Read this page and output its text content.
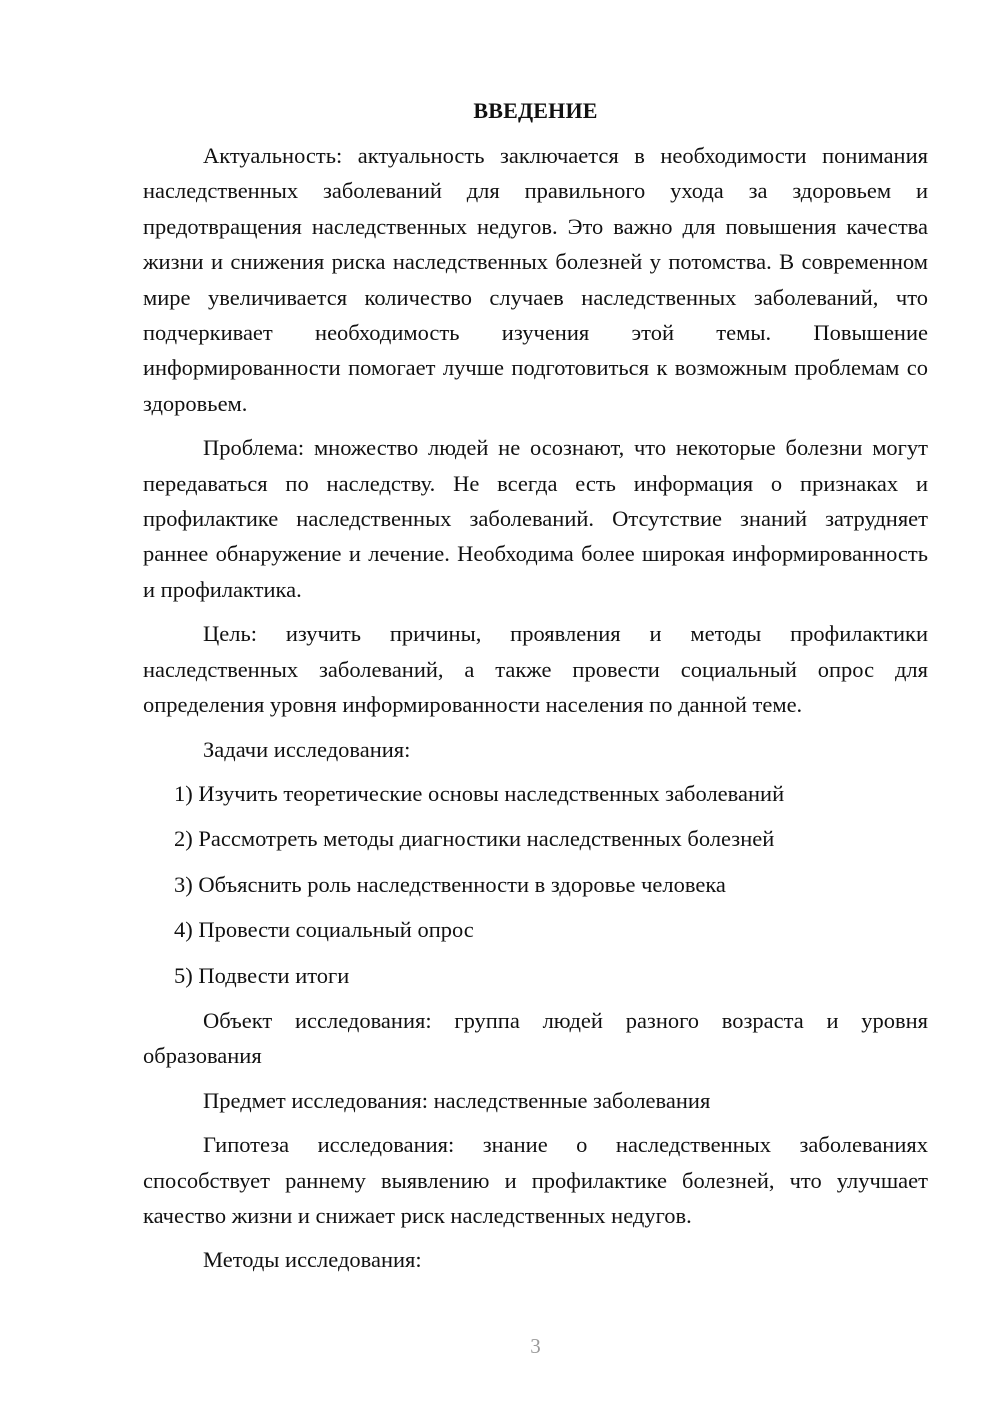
ВВЕДЕНИЕ

Актуальность: актуальность заключается в необходимости понимания наследственных заболеваний для правильного ухода за здоровьем и предотвращения наследственных недугов. Это важно для повышения качества жизни и снижения риска наследственных болезней у потомства. В современном мире увеличивается количество случаев наследственных заболеваний, что подчеркивает необходимость изучения этой темы. Повышение информированности помогает лучше подготовиться к возможным проблемам со здоровьем.

Проблема: множество людей не осознают, что некоторые болезни могут передаваться по наследству. Не всегда есть информация о признаках и профилактике наследственных заболеваний. Отсутствие знаний затрудняет раннее обнаружение и лечение. Необходима более широкая информированность и профилактика.

Цель: изучить причины, проявления и методы профилактики наследственных заболеваний, а также провести социальный опрос для определения уровня информированности населения по данной теме.

Задачи исследования:

1) Изучить теоретические основы наследственных заболеваний
2) Рассмотреть методы диагностики наследственных болезней
3) Объяснить роль наследственности в здоровье человека
4) Провести социальный опрос
5) Подвести итоги

Объект исследования: группа людей разного возраста и уровня образования

Предмет исследования: наследственные заболевания

Гипотеза исследования: знание о наследственных заболеваниях способствует раннему выявлению и профилактике болезней, что улучшает качество жизни и снижает риск наследственных недугов.

Методы исследования:

3
